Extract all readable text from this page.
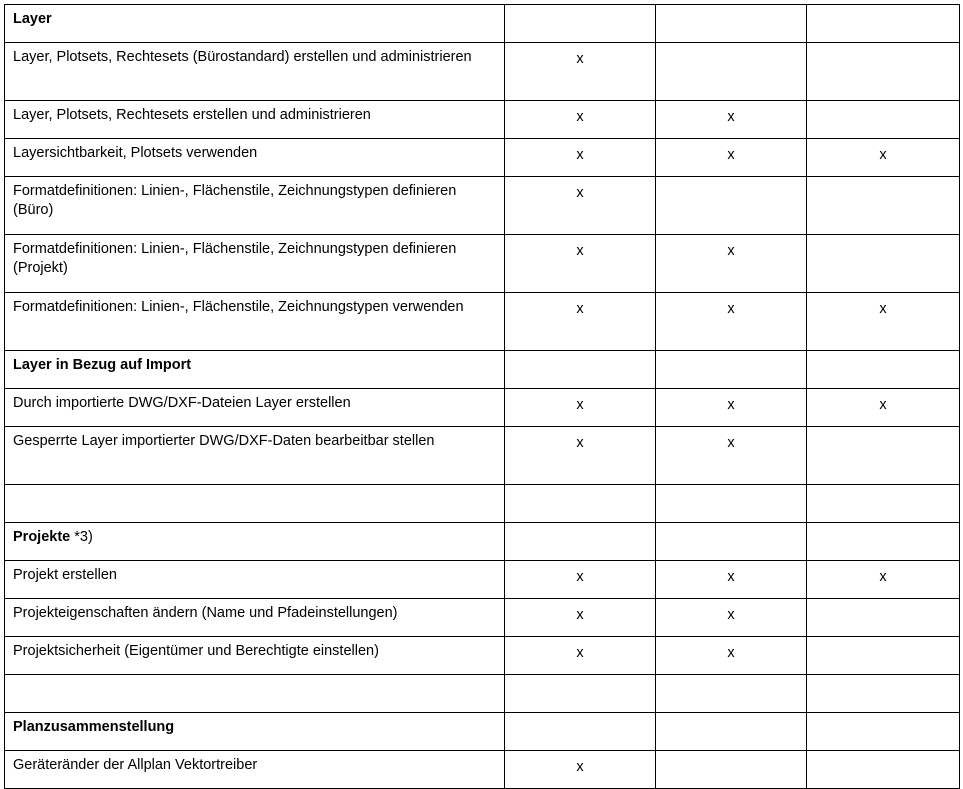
Layer			
Layer, Plotsets, Rechtesets (Bürostandard) erstellen und administrieren	x		
Layer, Plotsets, Rechtesets erstellen und administrieren	x	x	
Layersichtbarkeit, Plotsets verwenden	x	x	x
Formatdefinitionen: Linien-, Flächenstile, Zeichnungstypen definieren (Büro)	x		
Formatdefinitionen: Linien-, Flächenstile, Zeichnungstypen definieren (Projekt)	x	x	
Formatdefinitionen: Linien-, Flächenstile, Zeichnungstypen verwenden	x	x	x
Layer in Bezug auf Import			
Durch importierte DWG/DXF-Dateien Layer erstellen	x	x	x
Gesperrte Layer importierter DWG/DXF-Daten bearbeitbar stellen	x	x	

Projekte *3)			
Projekt erstellen	x	x	x
Projekteigenschaften ändern (Name und Pfadeinstellungen)	x	x	
Projektsicherheit (Eigentümer und Berechtigte einstellen)	x	x	

Planzusammenstellung			
Geräteränder der Allplan Vektortreiber	x		
